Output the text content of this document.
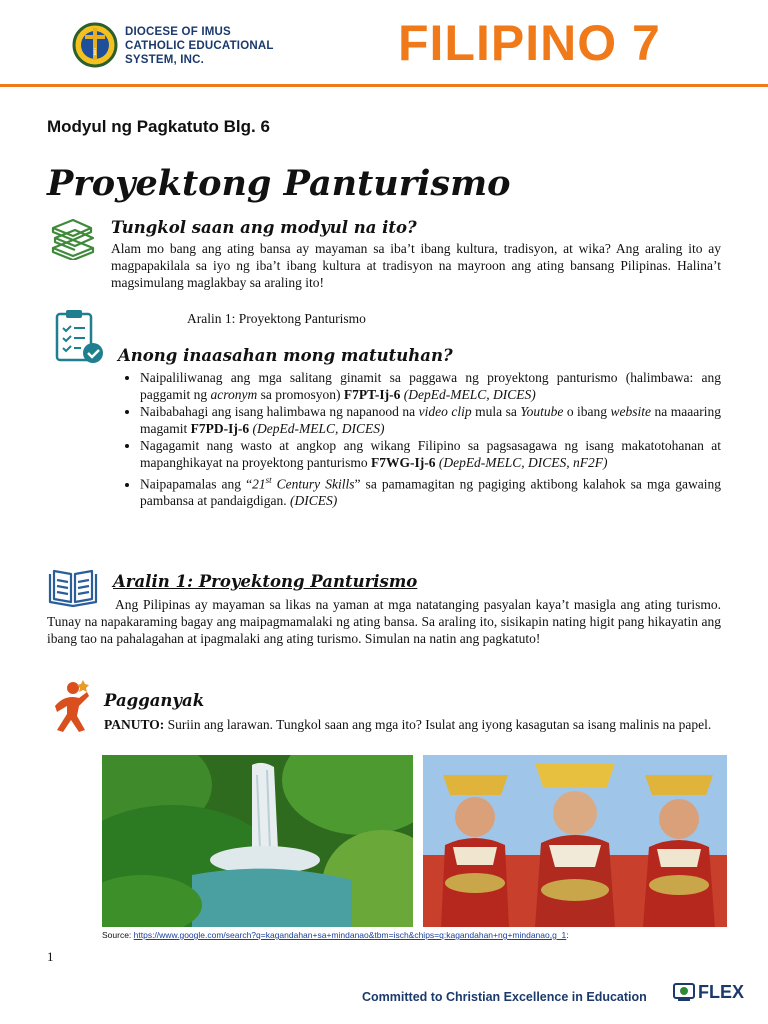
i
DIOCESE OF IMUS
CATHOLIC EDUCATIONAL
SYSTEM, INC.	FILIPINO 7
Modyul ng Pagkatuto Blg. 6
Proyektong Panturismo
Tungkol saan ang modyul na ito?
Alam mo bang ang ating bansa ay mayaman sa iba’t ibang kultura, tradisyon, at wika? Ang araling ito ay magpapakilala sa iyo ng iba’t ibang kultura at tradisyon na mayroon ang ating bansang Pilipinas. Halina’t magsimulang maglakbay sa araling ito!
Aralin 1: Proyektong Panturismo
Anong inaasahan mong matutuhan?
• Naipaliliwanag ang mga salitang ginamit sa paggawa ng proyektong panturismo (halimbawa: ang paggamit ng acronym sa promosyon) F7PT-Ij-6 (DepEd-MELC, DICES)
• Naibabahagi ang isang halimbawa ng napanood na video clip mula sa Youtube o ibang website na maaaring magamit F7PD-Ij-6 (DepEd-MELC, DICES)
• Nagagamit nang wasto at angkop ang wikang Filipino sa pagsasagawa ng isang makatotohanan at mapanghikayat na proyektong panturismo F7WG-Ij-6 (DepEd-MELC, DICES, nF2F)
• Naipapamalas ang “21st Century Skills” sa pamamagitan ng pagiging aktibong kalahok sa mga gawaing pambansa at pandaigdigan. (DICES)
Aralin 1: Proyektong Panturismo
Ang Pilipinas ay mayaman sa likas na yaman at mga natatanging pasyalan kaya’t masigla ang ating turismo. Tunay na napakaraming bagay ang maipagmamalaki ng ating bansa. Sa araling ito, sisikapin nating higit pang hikayatin ang ibang tao na pahalagahan at ipagmalaki ang ating turismo. Simulan na natin ang pagkatuto!
Pagganyak
PANUTO: Suriin ang larawan. Tungkol saan ang mga ito? Isulat ang iyong kasagutan sa isang malinis na papel.
Source: https://www.google.com/search?q=kagandahan+sa+mindanao&tbm=isch&chips=q:kagandahan+ng+mindanao,g_1:
1
Committed to Christian Excellence in Education	FLEX
